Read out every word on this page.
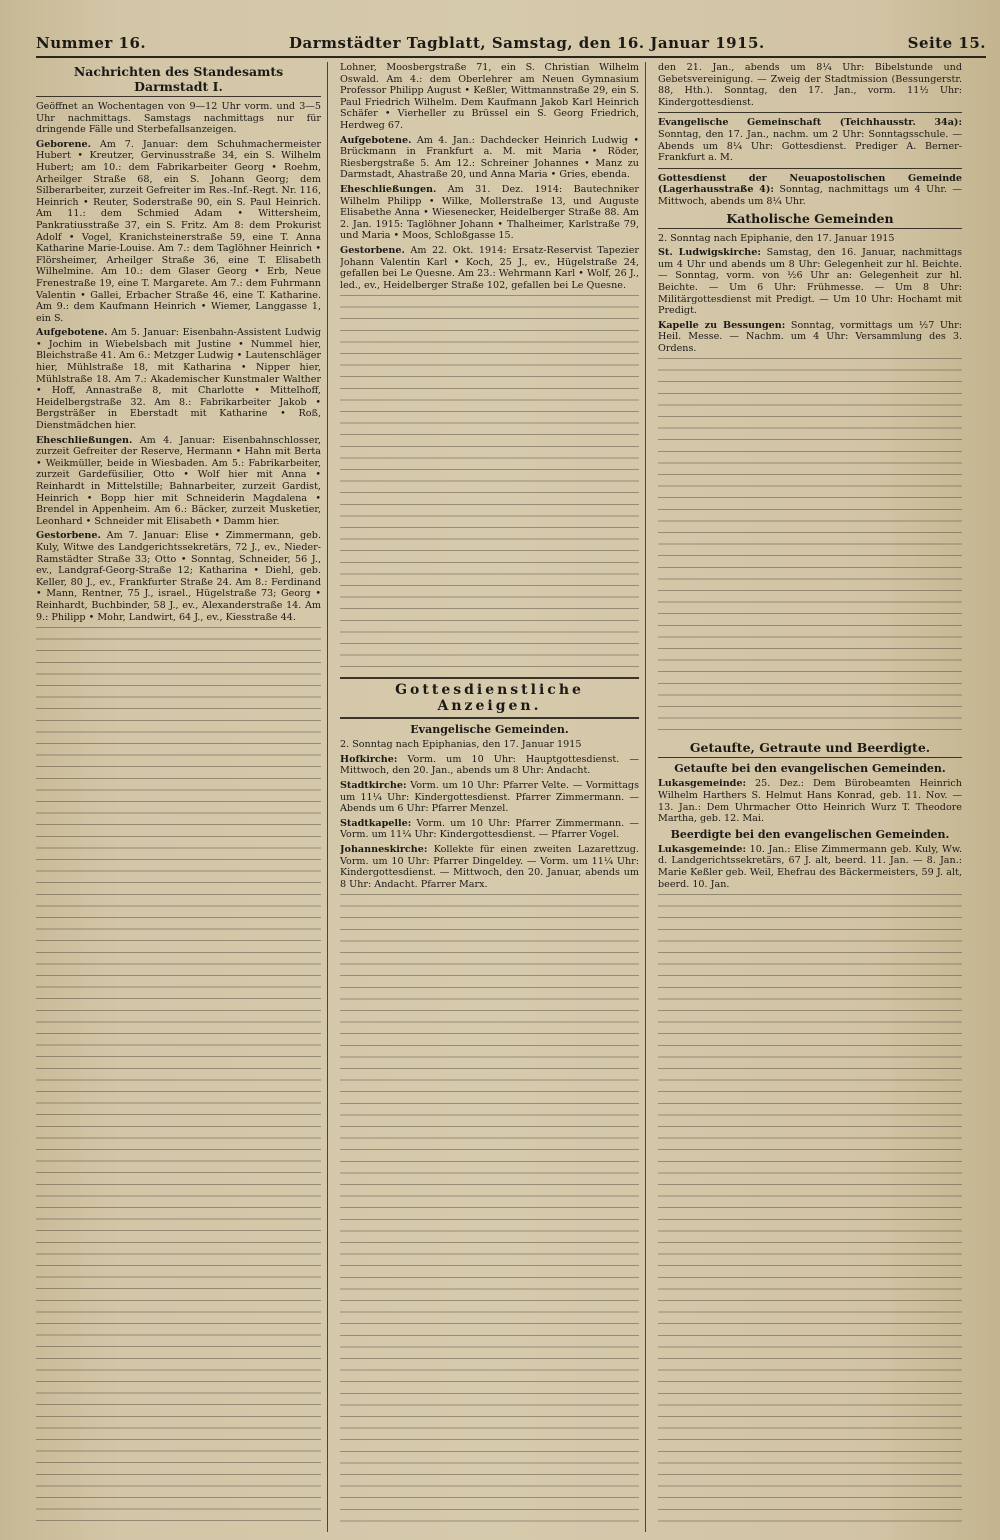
Nummer 16.	Darmstädter Tagblatt, Samstag, den 16. Januar 1915.	Seite 15.
Nachrichten des Standesamts Darmstadt I.

Geöffnet an Wochentagen von 9—12 Uhr vorm. und 3—5 Uhr nachmittags. Samstags nachmittags nur für dringende Fälle und Sterbefallsanzeigen.

Geborene. Am 7. Januar: dem Schuhmachermeister Hubert • Kreutzer, Gervinusstraße 34, ein S. Wilhelm Hubert; am 10.: dem Fabrikarbeiter Georg • Roehm, Arheilger Straße 68, ein S. Johann Georg; dem Silberarbeiter, zurzeit Gefreiter im Res.-Inf.-Regt. Nr. 116, Heinrich • Reuter, Soderstraße 90, ein S. Paul Heinrich. Am 11.: dem Schmied Adam • Wittersheim, Pankratiusstraße 37, ein S. Fritz. Am 8: dem Prokurist Adolf • Vogel, Kranichsteinerstraße 59, eine T. Anna Katharine Marie-Louise. Am 7.: dem Taglöhner Heinrich • Flörsheimer, Arheilger Straße 36, eine T. Elisabeth Wilhelmine. Am 10.: dem Glaser Georg • Erb, Neue Frenestraße 19, eine T. Margarete. Am 7.: dem Fuhrmann Valentin • Gallei, Erbacher Straße 46, eine T. Katharine. Am 9.: dem Kaufmann Heinrich • Wiemer, Langgasse 1, ein S.

Aufgebotene. Am 5. Januar: Eisenbahn-Assistent Ludwig • Jochim in Wiebelsbach mit Justine • Nummel hier, Bleichstraße 41. Am 6.: Metzger Ludwig • Lautenschläger hier, Mühlstraße 18, mit Katharina • Nipper hier, Mühlstraße 18. Am 7.: Akademischer Kunstmaler Walther • Hoff, Annastraße 8, mit Charlotte • Mittelhoff, Heidelbergstraße 32. Am 8.: Fabrikarbeiter Jakob • Bergsträßer in Eberstadt mit Katharine • Roß, Dienstmädchen hier.

Eheschließungen. Am 4. Januar: Eisenbahnschlosser, zurzeit Gefreiter der Reserve, Hermann • Hahn mit Berta • Weikmüller, beide in Wiesbaden. Am 5.: Fabrikarbeiter, zurzeit Gardefüsilier, Otto • Wolf hier mit Anna • Reinhardt in Mittelstille; Bahnarbeiter, zurzeit Gardist, Heinrich • Bopp hier mit Schneiderin Magdalena • Brendel in Appenheim. Am 6.: Bäcker, zurzeit Musketier, Leonhard • Schneider mit Elisabeth • Damm hier.

Gestorbene. Am 7. Januar: Elise • Zimmermann, geb. Kuly, Witwe des Landgerichtssekretärs, 72 J., ev., Nieder-Ramstädter Straße 33; Otto • Sonntag, Schneider, 56 J., ev., Landgraf-Georg-Straße 12; Katharina • Diehl, geb. Keller, 80 J., ev., Frankfurter Straße 24. Am 8.: Ferdinand • Mann, Rentner, 75 J., israel., Hügelstraße 73; Georg • Reinhardt, Buchbinder, 58 J., ev., Alexanderstraße 14. Am 9.: Philipp • Mohr, Landwirt, 64 J., ev., Kiesstraße 44.

Lohner, Moosbergstraße 71, ein S. Christian Wilhelm Oswald. Am 4.: dem Oberlehrer am Neuen Gymnasium Professor Philipp August • Keßler, Wittmannstraße 29, ein S. Paul Friedrich Wilhelm. Dem Kaufmann Jakob Karl Heinrich Schäfer • Vierheller zu Brüssel ein S. Georg Friedrich, Herdweg 67.

Aufgebotene. Am 4. Jan.: Dachdecker Heinrich Ludwig • Brückmann in Frankfurt a. M. mit Maria • Röder, Riesbergstraße 5. Am 12.: Schreiner Johannes • Manz zu Darmstadt, Ahastraße 20, und Anna Maria • Gries, ebenda.

Eheschließungen. Am 31. Dez. 1914: Bautechniker Wilhelm Philipp • Wilke, Mollerstraße 13, und Auguste Elisabethe Anna • Wiesenecker, Heidelberger Straße 88. Am 2. Jan. 1915: Taglöhner Johann • Thalheimer, Karlstraße 79, und Maria • Moos, Schloßgasse 15.

Gestorbene. Am 22. Okt. 1914: Ersatz-Reservist Tapezier Johann Valentin Karl • Koch, 25 J., ev., Hügelstraße 24, gefallen bei Le Quesne. Am 23.: Wehrmann Karl • Wolf, 26 J., led., ev., Heidelberger Straße 102, gefallen bei Le Quesne.

Gottesdienstliche Anzeigen.
Evangelische Gemeinden.

2. Sonntag nach Epiphanias, den 17. Januar 1915

Hofkirche: Vorm. um 10 Uhr: Hauptgottesdienst. — Mittwoch, den 20. Jan., abends um 8 Uhr: Andacht.

Stadtkirche: Vorm. um 10 Uhr: Pfarrer Velte. — Vormittags um 11¼ Uhr: Kindergottesdienst. Pfarrer Zimmermann. — Abends um 6 Uhr: Pfarrer Menzel.

Stadtkapelle: Vorm. um 10 Uhr: Pfarrer Zimmermann. — Vorm. um 11¼ Uhr: Kindergottesdienst. — Pfarrer Vogel.

Johanneskirche: Kollekte für einen zweiten Lazarettzug. Vorm. um 10 Uhr: Pfarrer Dingeldey. — Vorm. um 11¼ Uhr: Kindergottesdienst. — Mittwoch, den 20. Januar, abends um 8 Uhr: Andacht. Pfarrer Marx.

den 21. Jan., abends um 8¼ Uhr: Bibelstunde und Gebetsvereinigung. — Zweig der Stadtmission (Bessungerstr. 88, Hth.). Sonntag, den 17. Jan., vorm. 11½ Uhr: Kindergottesdienst.

Evangelische Gemeinschaft (Teichhausstr. 34a): Sonntag, den 17. Jan., nachm. um 2 Uhr: Sonntagsschule. — Abends um 8¼ Uhr: Gottesdienst. Prediger A. Berner-Frankfurt a. M.

Gottesdienst der Neuapostolischen Gemeinde (Lagerhausstraße 4): Sonntag, nachmittags um 4 Uhr. — Mittwoch, abends um 8¼ Uhr.

Katholische Gemeinden

2. Sonntag nach Epiphanie, den 17. Januar 1915

St. Ludwigskirche: Samstag, den 16. Januar, nachmittags um 4 Uhr und abends um 8 Uhr: Gelegenheit zur hl. Beichte. — Sonntag, vorm. von ½6 Uhr an: Gelegenheit zur hl. Beichte. — Um 6 Uhr: Frühmesse. — Um 8 Uhr: Militärgottesdienst mit Predigt. — Um 10 Uhr: Hochamt mit Predigt.

Kapelle zu Bessungen: Sonntag, vormittags um ½7 Uhr: Heil. Messe. — Nachm. um 4 Uhr: Versammlung des 3. Ordens.

Getaufte, Getraute und Beerdigte.
Getaufte bei den evangelischen Gemeinden.

Lukasgemeinde: 25. Dez.: Dem Bürobeamten Heinrich Wilhelm Harthers S. Helmut Hans Konrad, geb. 11. Nov. — 13. Jan.: Dem Uhrmacher Otto Heinrich Wurz T. Theodore Martha, geb. 12. Mai.

Beerdigte bei den evangelischen Gemeinden.

Lukasgemeinde: 10. Jan.: Elise Zimmermann geb. Kuly, Ww. d. Landgerichtssekretärs, 67 J. alt, beerd. 11. Jan. — 8. Jan.: Marie Keßler geb. Weil, Ehefrau des Bäckermeisters, 59 J. alt, beerd. 10. Jan.
